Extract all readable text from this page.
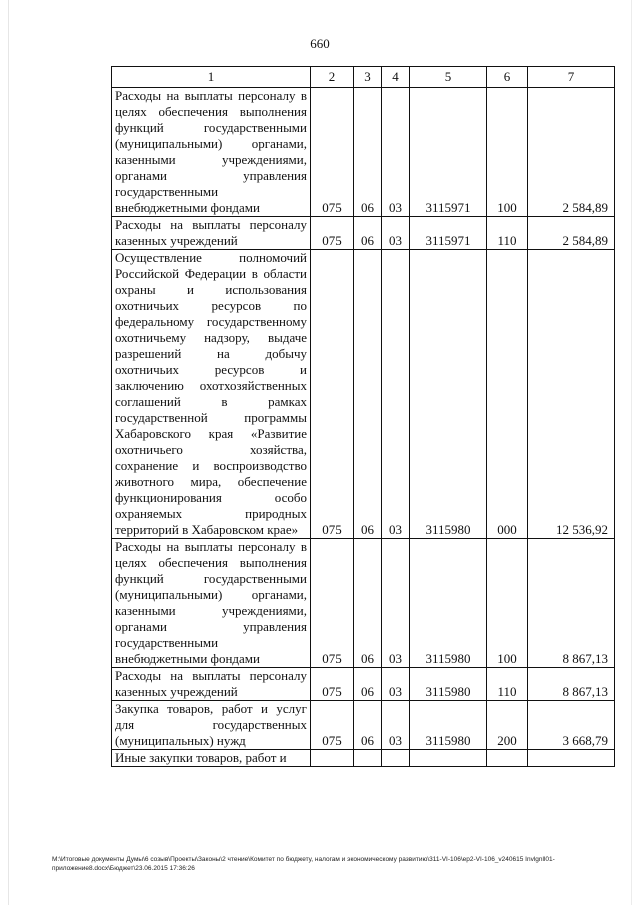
660
1	2	3	4	5	6	7

Расходы на выплаты персоналу в целях обеспечения выполнения функций государственными (муниципальными) органами, казенными учреждениями, органами управления государственными внебюджетными фондами	075	06	03	3115971	100	2 584,89

Расходы на выплаты персоналу казенных учреждений	075	06	03	3115971	110	2 584,89

Осуществление полномочий Российской Федерации в области охраны и использования охотничьих ресурсов по федеральному государственному охотничьему надзору, выдаче разрешений на добычу охотничьих ресурсов и заключению охотхозяйственных соглашений в рамках государственной программы Хабаровского края «Развитие охотничьего хозяйства, сохранение и воспроизводство животного мира, обеспечение функционирования особо охраняемых природных территорий в Хабаровском крае»	075	06	03	3115980	000	12 536,92

Расходы на выплаты персоналу в целях обеспечения выполнения функций государственными (муниципальными) органами, казенными учреждениями, органами управления государственными внебюджетными фондами	075	06	03	3115980	100	8 867,13

Расходы на выплаты персоналу казенных учреждений	075	06	03	3115980	110	8 867,13

Закупка товаров, работ и услуг для государственных (муниципальных) нужд	075	06	03	3115980	200	3 668,79

Иные закупки товаров, работ и						

M:\Итоговые документы Думы\6 созыв\Проекты\Законы\2 чтение\Комитет по бюджету, налогам и экономическому развитию\311-VI-106\ep2-VI-106_v240615 Invlgnll01-приложение8.docx\Бюджет\23.06.2015 17:36:26
